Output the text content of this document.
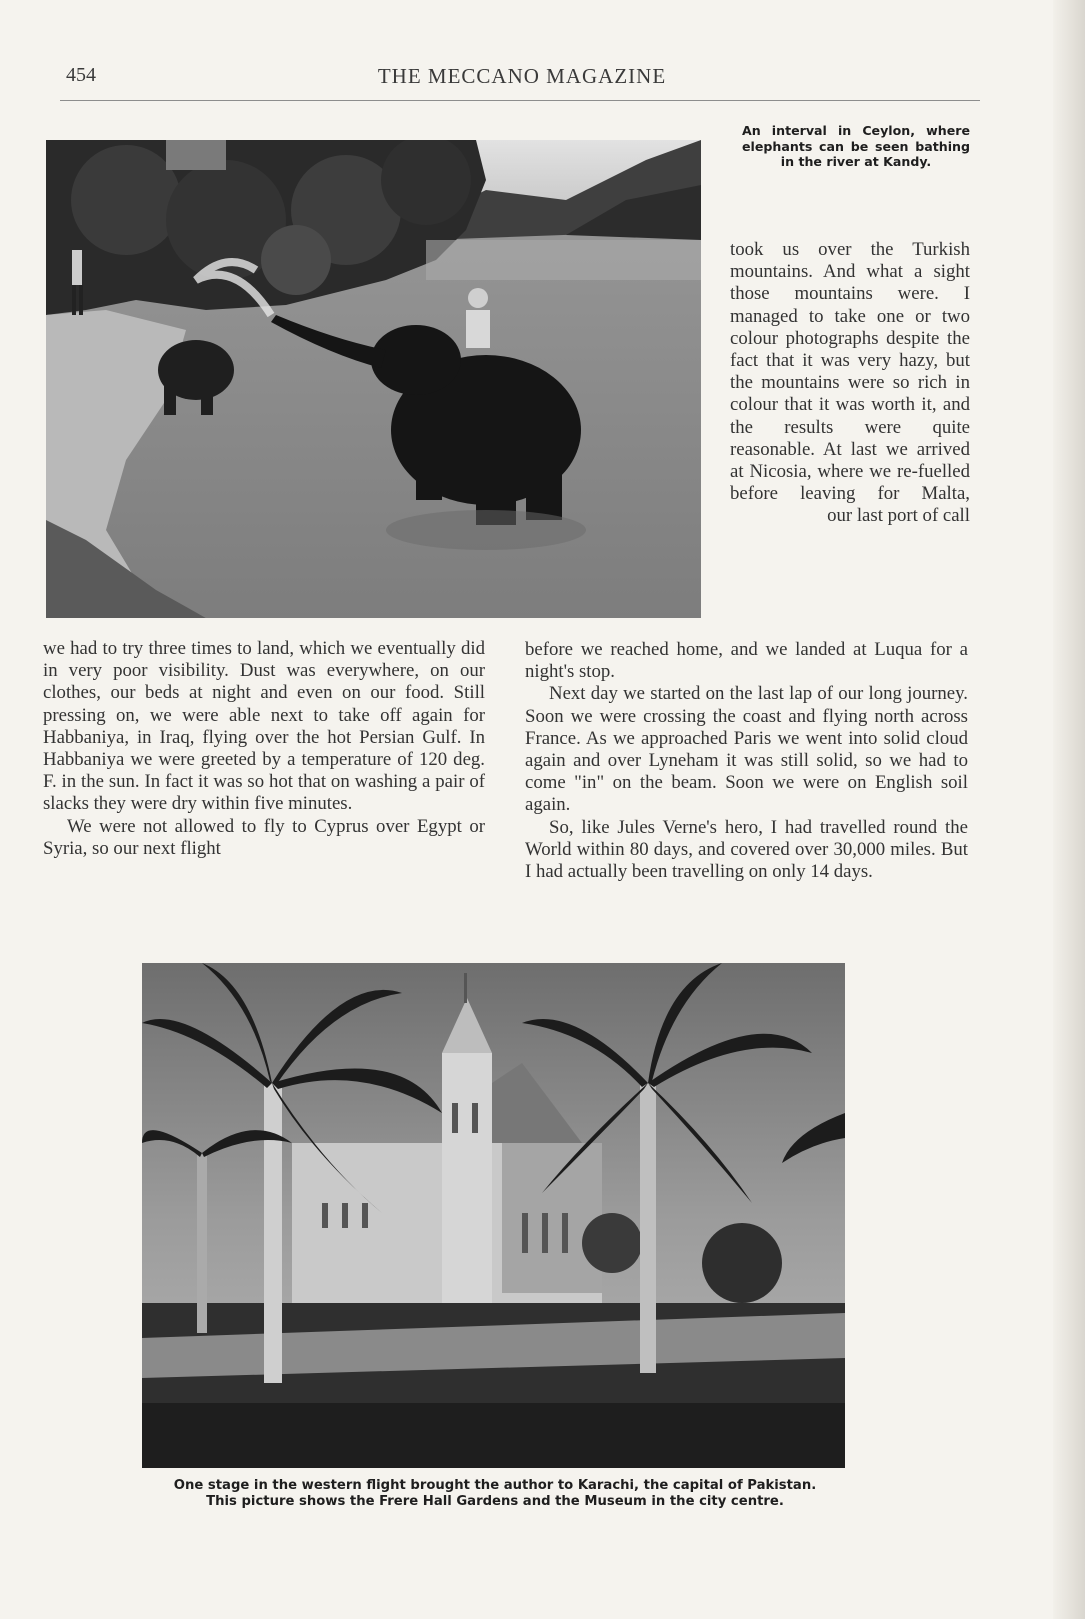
454	THE MECCANO MAGAZINE
An interval in Ceylon, where elephants can be seen bathing in the river at Kandy.

took us over the Turkish mountains. And what a sight those mountains were. I managed to take one or two colour photographs despite the fact that it was very hazy, but the mountains were so rich in colour that it was worth it, and the results were quite reasonable. At last we arrived at Nicosia, where we re-fuelled before leaving for Malta,

our last port of call

we had to try three times to land, which we eventually did in very poor visibility. Dust was everywhere, on our clothes, our beds at night and even on our food. Still pressing on, we were able next to take off again for Habbaniya, in Iraq, flying over the hot Persian Gulf. In Habbaniya we were greeted by a temperature of 120 deg. F. in the sun. In fact it was so hot that on washing a pair of slacks they were dry within five minutes.

We were not allowed to fly to Cyprus over Egypt or Syria, so our next flight

before we reached home, and we landed at Luqua for a night's stop.

Next day we started on the last lap of our long journey. Soon we were crossing the coast and flying north across France. As we approached Paris we went into solid cloud again and over Lyneham it was still solid, so we had to come "in" on the beam. Soon we were on English soil again.

So, like Jules Verne's hero, I had travelled round the World within 80 days, and covered over 30,000 miles. But I had actually been travelling on only 14 days.

One stage in the western flight brought the author to Karachi, the capital of Pakistan.
This picture shows the Frere Hall Gardens and the Museum in the city centre.
